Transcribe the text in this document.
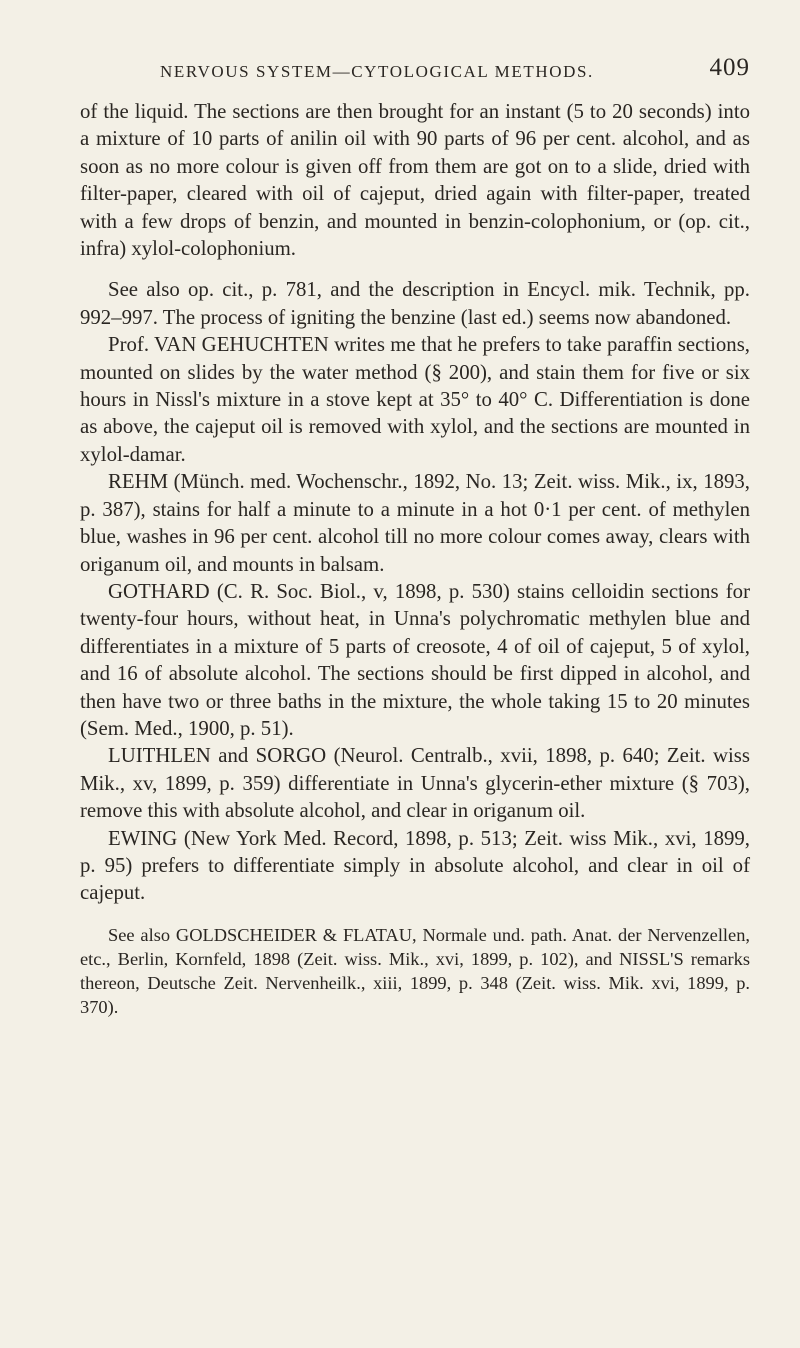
NERVOUS SYSTEM—CYTOLOGICAL METHODS.	409

of the liquid. The sections are then brought for an instant (5 to 20 seconds) into a mixture of 10 parts of anilin oil with 90 parts of 96 per cent. alcohol, and as soon as no more colour is given off from them are got on to a slide, dried with filter-paper, cleared with oil of cajeput, dried again with filter-paper, treated with a few drops of benzin, and mounted in benzin-colophonium, or (op. cit., infra) xylol-colophonium.

See also op. cit., p. 781, and the description in Encycl. mik. Technik, pp. 992–997. The process of igniting the benzine (last ed.) seems now abandoned.

Prof. VAN GEHUCHTEN writes me that he prefers to take paraffin sections, mounted on slides by the water method (§ 200), and stain them for five or six hours in Nissl's mixture in a stove kept at 35° to 40° C. Differentiation is done as above, the cajeput oil is removed with xylol, and the sections are mounted in xylol-damar.

REHM (Münch. med. Wochenschr., 1892, No. 13; Zeit. wiss. Mik., ix, 1893, p. 387), stains for half a minute to a minute in a hot 0·1 per cent. of methylen blue, washes in 96 per cent. alcohol till no more colour comes away, clears with origanum oil, and mounts in balsam.

GOTHARD (C. R. Soc. Biol., v, 1898, p. 530) stains celloidin sections for twenty-four hours, without heat, in Unna's polychromatic methylen blue and differentiates in a mixture of 5 parts of creosote, 4 of oil of cajeput, 5 of xylol, and 16 of absolute alcohol. The sections should be first dipped in alcohol, and then have two or three baths in the mixture, the whole taking 15 to 20 minutes (Sem. Med., 1900, p. 51).

LUITHLEN and SORGO (Neurol. Centralb., xvii, 1898, p. 640; Zeit. wiss Mik., xv, 1899, p. 359) differentiate in Unna's glycerin-ether mixture (§ 703), remove this with absolute alcohol, and clear in origanum oil.

EWING (New York Med. Record, 1898, p. 513; Zeit. wiss Mik., xvi, 1899, p. 95) prefers to differentiate simply in absolute alcohol, and clear in oil of cajeput.

See also GOLDSCHEIDER & FLATAU, Normale und. path. Anat. der Nervenzellen, etc., Berlin, Kornfeld, 1898 (Zeit. wiss. Mik., xvi, 1899, p. 102), and NISSL'S remarks thereon, Deutsche Zeit. Nervenheilk., xiii, 1899, p. 348 (Zeit. wiss. Mik. xvi, 1899, p. 370).
